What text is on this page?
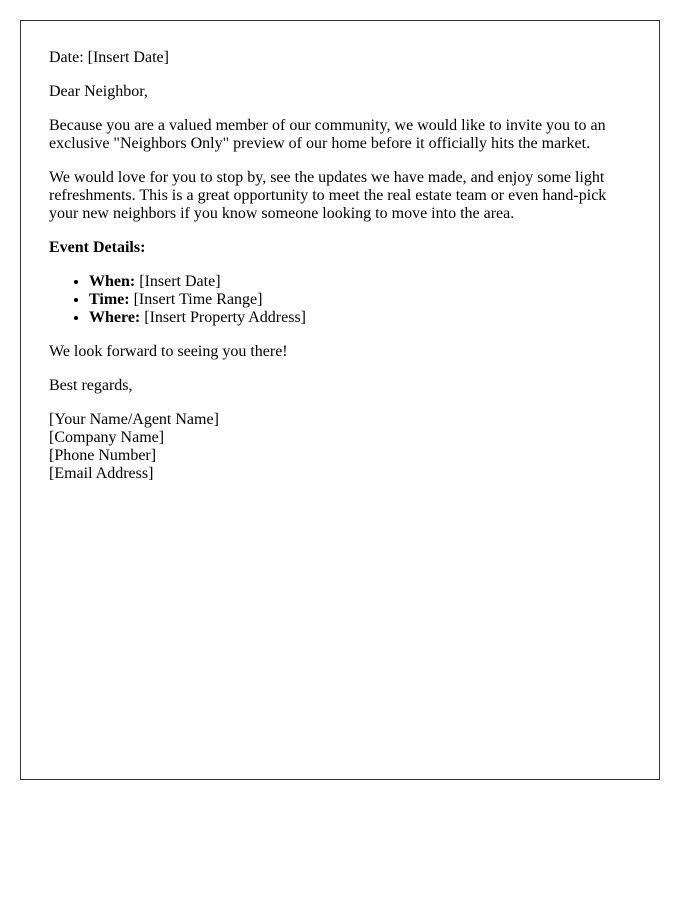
Date: [Insert Date]

Dear Neighbor,

Because you are a valued member of our community, we would like to invite you to an exclusive "Neighbors Only" preview of our home before it officially hits the market.

We would love for you to stop by, see the updates we have made, and enjoy some light refreshments. This is a great opportunity to meet the real estate team or even hand-pick your new neighbors if you know someone looking to move into the area.

Event Details:

• When: [Insert Date]
• Time: [Insert Time Range]
• Where: [Insert Property Address]

We look forward to seeing you there!

Best regards,

[Your Name/Agent Name]
[Company Name]
[Phone Number]
[Email Address]
